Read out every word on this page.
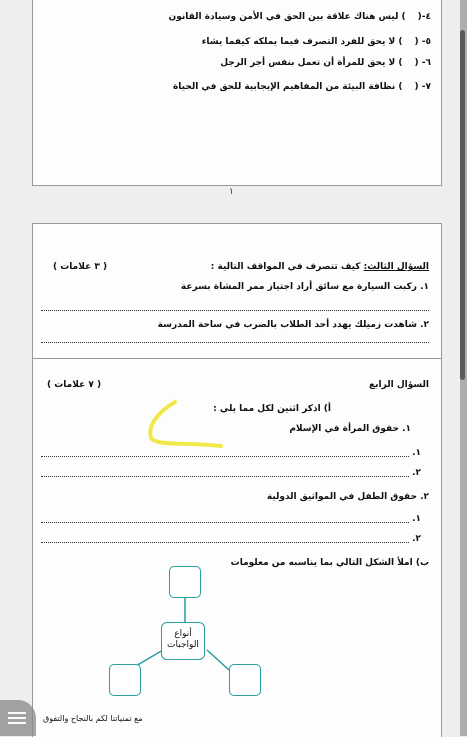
٤-() ليس هناك علاقة بين الحق في الأمن وسيادة القانون
٥- () لا يحق للفرد التصرف فيما يملكه كيفما يشاء
٦- () لا يحق للمرأة أن تعمل بنفس أجر الرجل
٧- () نظافة البيئة من المفاهيم الإيجابية للحق في الحياة
١
السؤال الثالث: كيف تتصرف في المواقف التالية :
( ٣ علامات )
١. ركبت السيارة مع سائق أراد اجتياز ممر المشاة بسرعة
٢. شاهدت زميلك يهدد أحد الطلاب بالضرب في ساحة المدرسة
السؤال الرابع
( ٧ علامات )
أ) اذكر اثنين لكل مما يلي :
١. حقوق المرأة في الإسلام
١.
٢.
٢. حقوق الطفل في المواثيق الدولية
١.
٢.
ب) املأ الشكل التالي بما يناسبه من معلومات
أنواع
الواجبات
مع تمنياتنا لكم بالنجاح والتفوق
